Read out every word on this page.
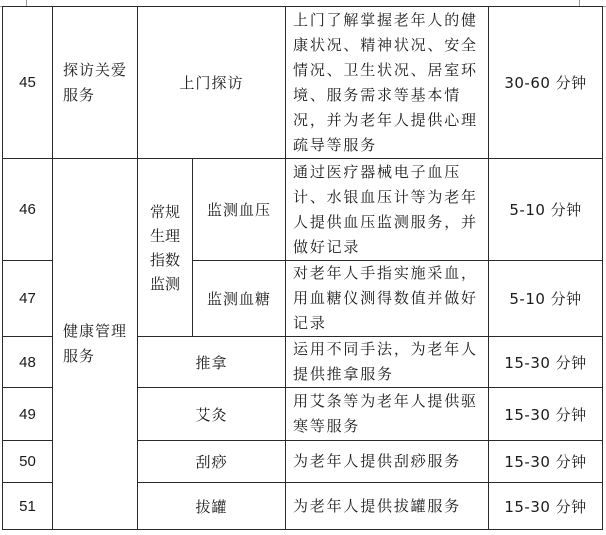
45	探访关爱服务	上门探访		上门了解掌握老年人的健康状况、精神状况、安全情况、卫生状况、居室环境、服务需求等基本情况，并为老年人提供心理疏导等服务	30-60 分钟
46	健康管理服务	常规
生理
指数
监测	监测血压	通过医疗器械电子血压计、水银血压计等为老年人提供血压监测服务，并做好记录	5-10 分钟
47			监测血糖	对老年人手指实施采血，用血糖仪测得数值并做好记录	5-10 分钟
48		推拿		运用不同手法，为老年人提供推拿服务	15-30 分钟
49		艾灸		用艾条等为老年人提供驱寒等服务	15-30 分钟
50		刮痧		为老年人提供刮痧服务	15-30 分钟
51		拔罐		为老年人提供拔罐服务	15-30 分钟
